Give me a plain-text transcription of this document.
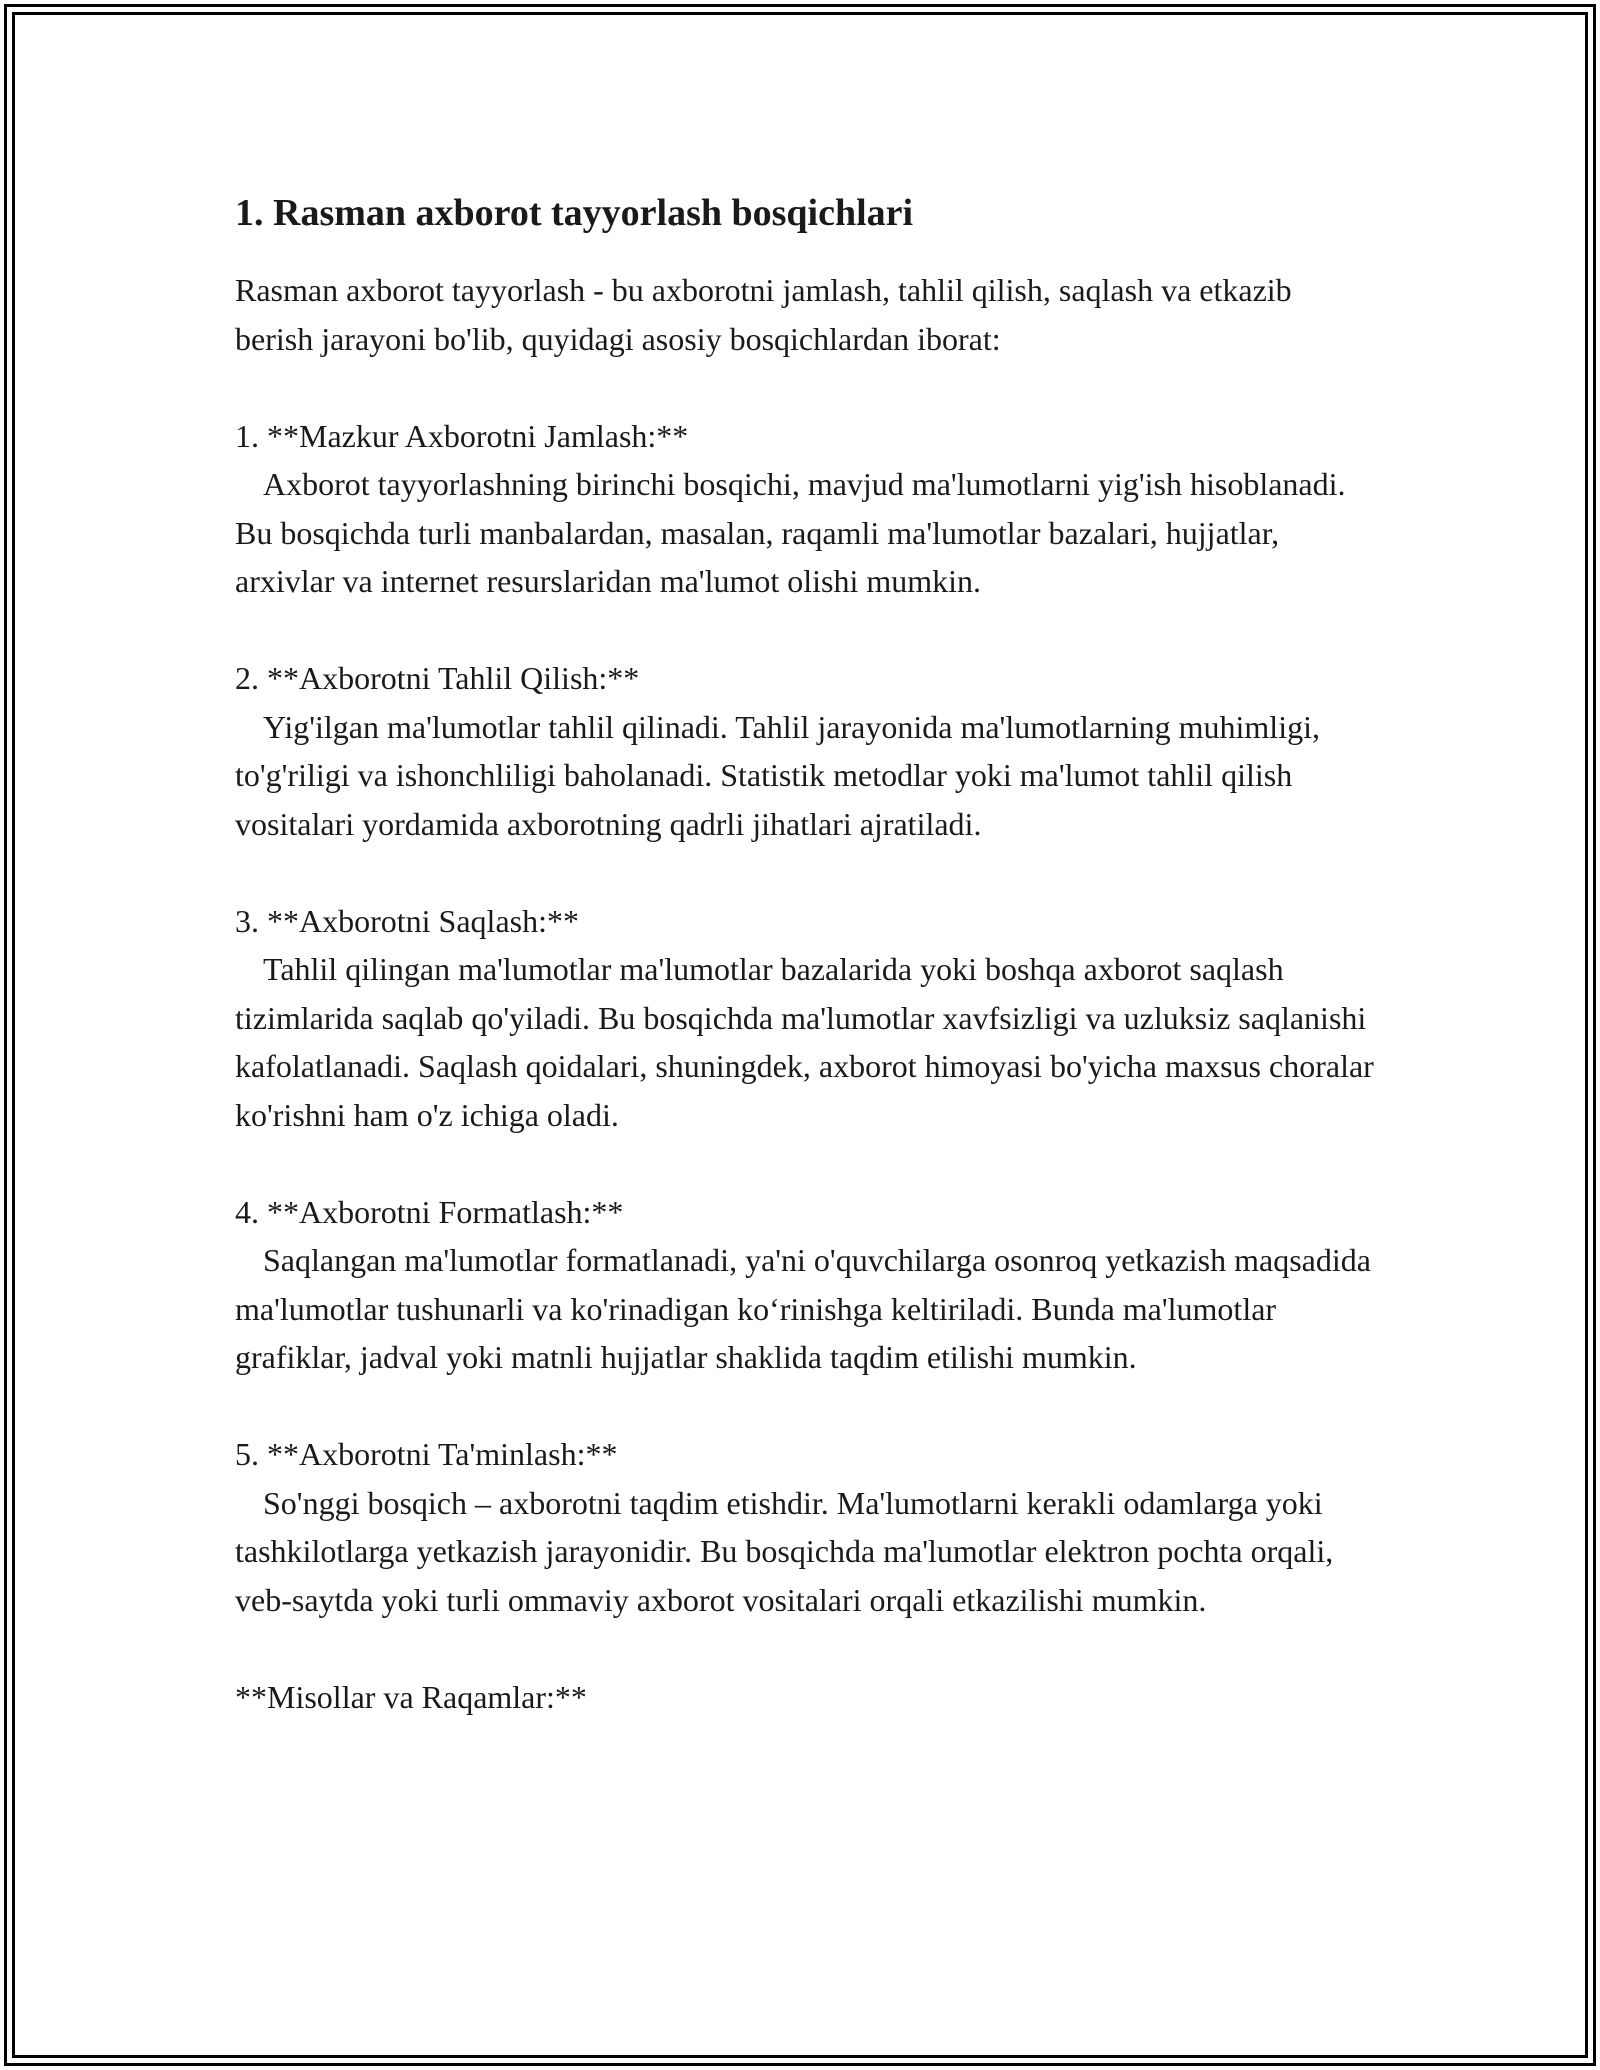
1. Rasman axborot tayyorlash bosqichlari

Rasman axborot tayyorlash - bu axborotni jamlash, tahlil qilish, saqlash va etkazib berish jarayoni bo'lib, quyidagi asosiy bosqichlardan iborat:

1. **Mazkur Axborotni Jamlash:**

Axborot tayyorlashning birinchi bosqichi, mavjud ma'lumotlarni yig'ish hisoblanadi. Bu bosqichda turli manbalardan, masalan, raqamli ma'lumotlar bazalari, hujjatlar, arxivlar va internet resurslaridan ma'lumot olishi mumkin.

2. **Axborotni Tahlil Qilish:**

Yig'ilgan ma'lumotlar tahlil qilinadi. Tahlil jarayonida ma'lumotlarning muhimligi, to'g'riligi va ishonchliligi baholanadi. Statistik metodlar yoki ma'lumot tahlil qilish vositalari yordamida axborotning qadrli jihatlari ajratiladi.

3. **Axborotni Saqlash:**

Tahlil qilingan ma'lumotlar ma'lumotlar bazalarida yoki boshqa axborot saqlash tizimlarida saqlab qo'yiladi. Bu bosqichda ma'lumotlar xavfsizligi va uzluksiz saqlanishi kafolatlanadi. Saqlash qoidalari, shuningdek, axborot himoyasi bo'yicha maxsus choralar ko'rishni ham o'z ichiga oladi.

4. **Axborotni Formatlash:**

Saqlangan ma'lumotlar formatlanadi, ya'ni o'quvchilarga osonroq yetkazish maqsadida ma'lumotlar tushunarli va ko'rinadigan ko‘rinishga keltiriladi. Bunda ma'lumotlar grafiklar, jadval yoki matnli hujjatlar shaklida taqdim etilishi mumkin.

5. **Axborotni Ta'minlash:**

So'nggi bosqich – axborotni taqdim etishdir. Ma'lumotlarni kerakli odamlarga yoki tashkilotlarga yetkazish jarayonidir. Bu bosqichda ma'lumotlar elektron pochta orqali, veb-saytda yoki turli ommaviy axborot vositalari orqali etkazilishi mumkin.

**Misollar va Raqamlar:**
